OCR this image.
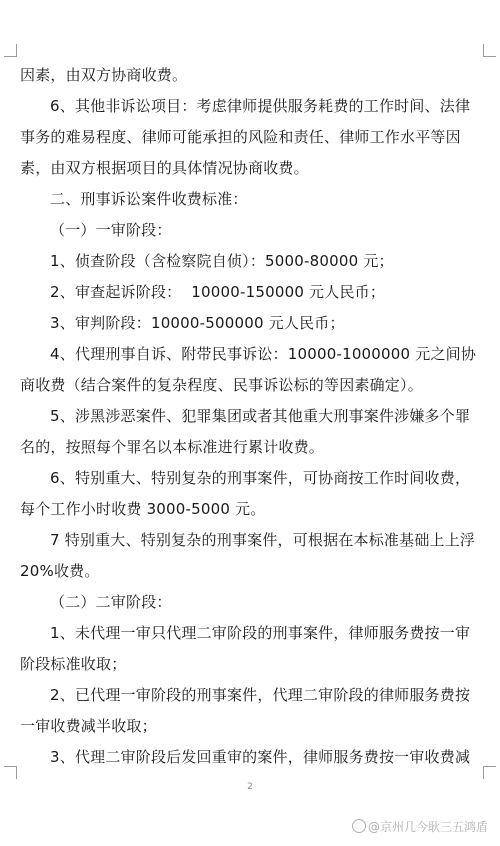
因素，由双方协商收费。

6、其他非诉讼项目：考虑律师提供服务耗费的工作时间、法律事务的难易程度、律师可能承担的风险和责任、律师工作水平等因素，由双方根据项目的具体情况协商收费。

二、刑事诉讼案件收费标准：

（一）一审阶段：

1、侦查阶段（含检察院自侦）：5000-80000 元；

2、审查起诉阶段：  10000-150000 元人民币；

3、审判阶段：10000-500000 元人民币；

4、代理刑事自诉、附带民事诉讼：10000-1000000 元之间协商收费（结合案件的复杂程度、民事诉讼标的等因素确定）。

5、涉黑涉恶案件、犯罪集团或者其他重大刑事案件涉嫌多个罪名的，按照每个罪名以本标准进行累计收费。

6、特别重大、特别复杂的刑事案件，可协商按工作时间收费，每个工作小时收费 3000-5000 元。

7 特别重大、特别复杂的刑事案件，可根据在本标准基础上上浮20%收费。

（二）二审阶段：

1、未代理一审只代理二审阶段的刑事案件，律师服务费按一审阶段标准收取；

2、已代理一审阶段的刑事案件，代理二审阶段的律师服务费按一审收费减半收取；

3、代理二审阶段后发回重审的案件，律师服务费按一审收费减

2
@京州几今耿三五鸿盾
